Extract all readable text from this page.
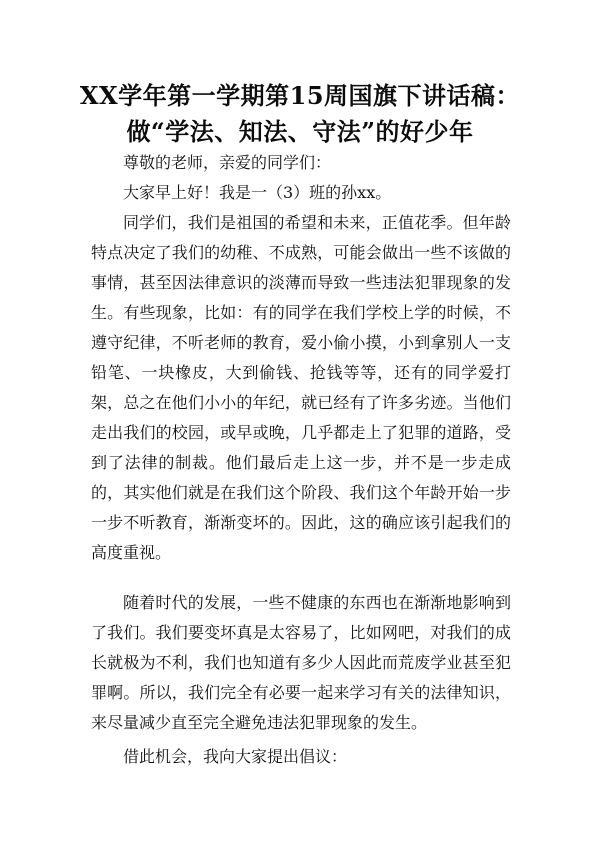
XX学年第一学期第15周国旗下讲话稿：
做“学法、知法、守法”的好少年

尊敬的老师，亲爱的同学们：

大家早上好！我是一（3）班的孙xx。

同学们，我们是祖国的希望和未来，正值花季。但年龄特点决定了我们的幼稚、不成熟，可能会做出一些不该做的事情，甚至因法律意识的淡薄而导致一些违法犯罪现象的发生。有些现象，比如：有的同学在我们学校上学的时候，不遵守纪律，不听老师的教育，爱小偷小摸，小到拿别人一支铅笔、一块橡皮，大到偷钱、抢钱等等，还有的同学爱打架，总之在他们小小的年纪，就已经有了许多劣迹。当他们走出我们的校园，或早或晚，几乎都走上了犯罪的道路，受到了法律的制裁。他们最后走上这一步，并不是一步走成的，其实他们就是在我们这个阶段、我们这个年龄开始一步一步不听教育，渐渐变坏的。因此，这的确应该引起我们的高度重视。

随着时代的发展，一些不健康的东西也在渐渐地影响到了我们。我们要变坏真是太容易了，比如网吧，对我们的成长就极为不利，我们也知道有多少人因此而荒废学业甚至犯罪啊。所以，我们完全有必要一起来学习有关的法律知识，来尽量减少直至完全避免违法犯罪现象的发生。

借此机会，我向大家提出倡议：
